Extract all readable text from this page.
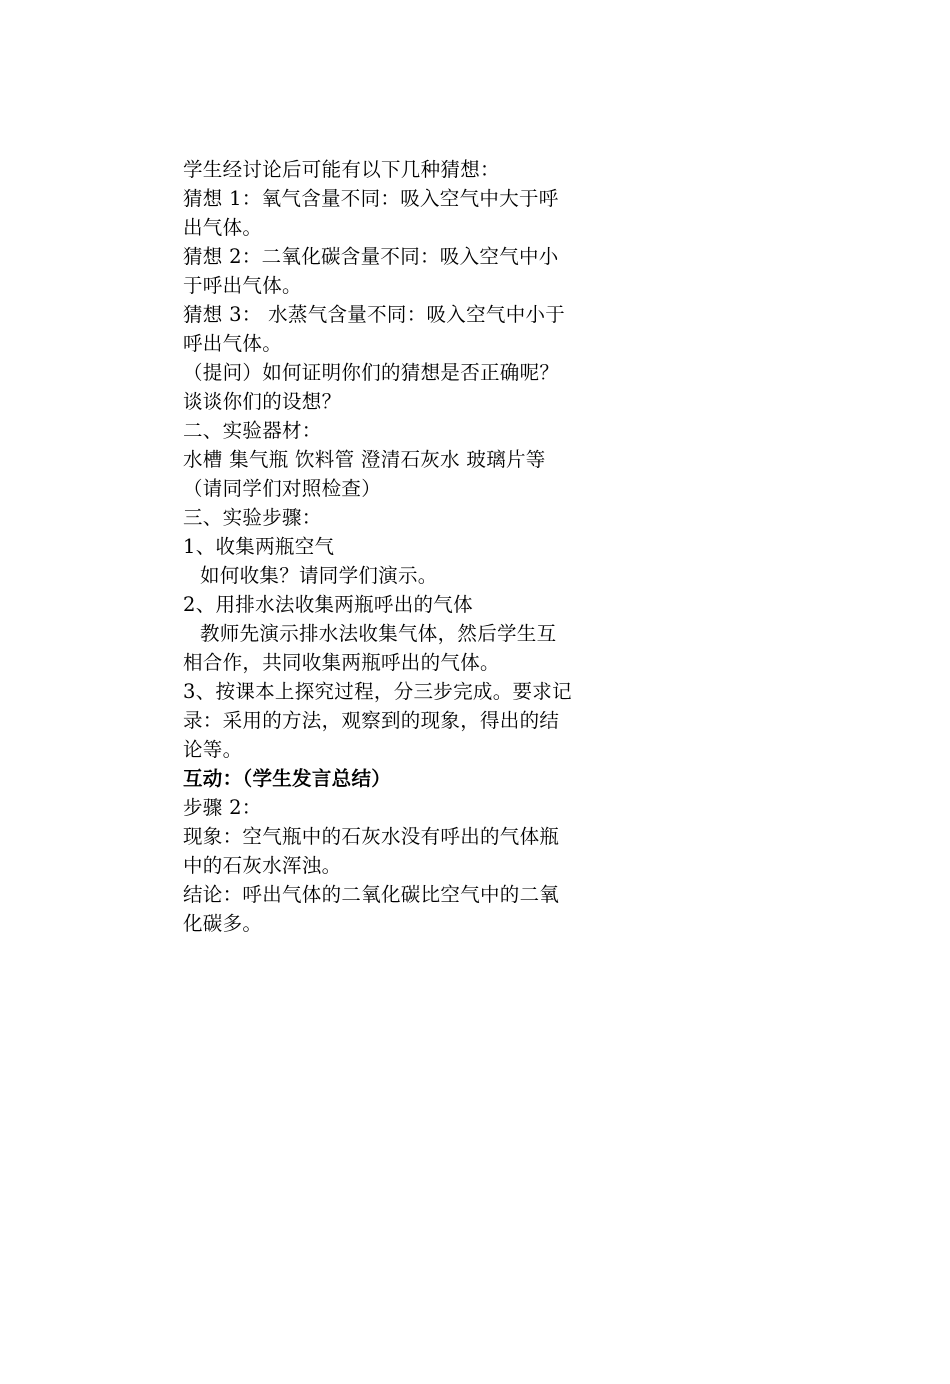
学生经讨论后可能有以下几种猜想：
猜想 1：氧气含量不同：吸入空气中大于呼
出气体。
猜想 2：二氧化碳含量不同：吸入空气中小
于呼出气体。
猜想 3： 水蒸气含量不同：吸入空气中小于
呼出气体。
（提问）如何证明你们的猜想是否正确呢？
谈谈你们的设想？
二、实验器材：
水槽 集气瓶 饮料管 澄清石灰水 玻璃片等
（请同学们对照检查）
三、实验步骤：
1、收集两瓶空气
如何收集？请同学们演示。
2、用排水法收集两瓶呼出的气体
教师先演示排水法收集气体，然后学生互
相合作，共同收集两瓶呼出的气体。
3、按课本上探究过程，分三步完成。要求记
录：采用的方法，观察到的现象，得出的结
论等。
互动：（学生发言总结）
步骤 2：
现象：空气瓶中的石灰水没有呼出的气体瓶
中的石灰水浑浊。
结论：呼出气体的二氧化碳比空气中的二氧
化碳多。
